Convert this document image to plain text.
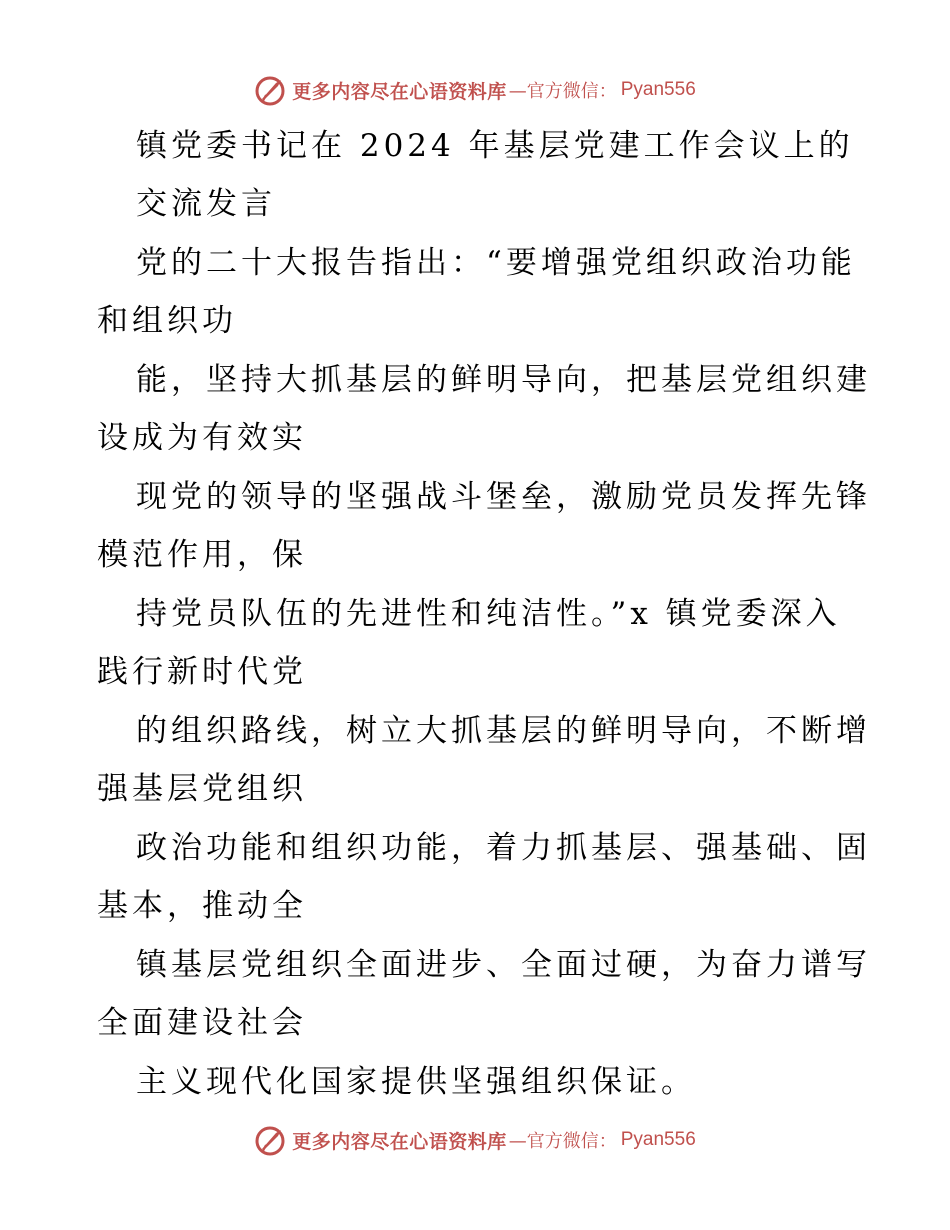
更多内容尽在心语资料库 —官方微信： Pyan556
镇党委书记在 2024 年基层党建工作会议上的
交流发言
党的二十大报告指出：“要增强党组织政治功能
和组织功
能，坚持大抓基层的鲜明导向，把基层党组织建
设成为有效实
现党的领导的坚强战斗堡垒，激励党员发挥先锋
模范作用，保
持党员队伍的先进性和纯洁性。”x 镇党委深入
践行新时代党
的组织路线，树立大抓基层的鲜明导向，不断增
强基层党组织
政治功能和组织功能，着力抓基层、强基础、固
基本，推动全
镇基层党组织全面进步、全面过硬，为奋力谱写
全面建设社会
主义现代化国家提供坚强组织保证。
更多内容尽在心语资料库 —官方微信： Pyan556
